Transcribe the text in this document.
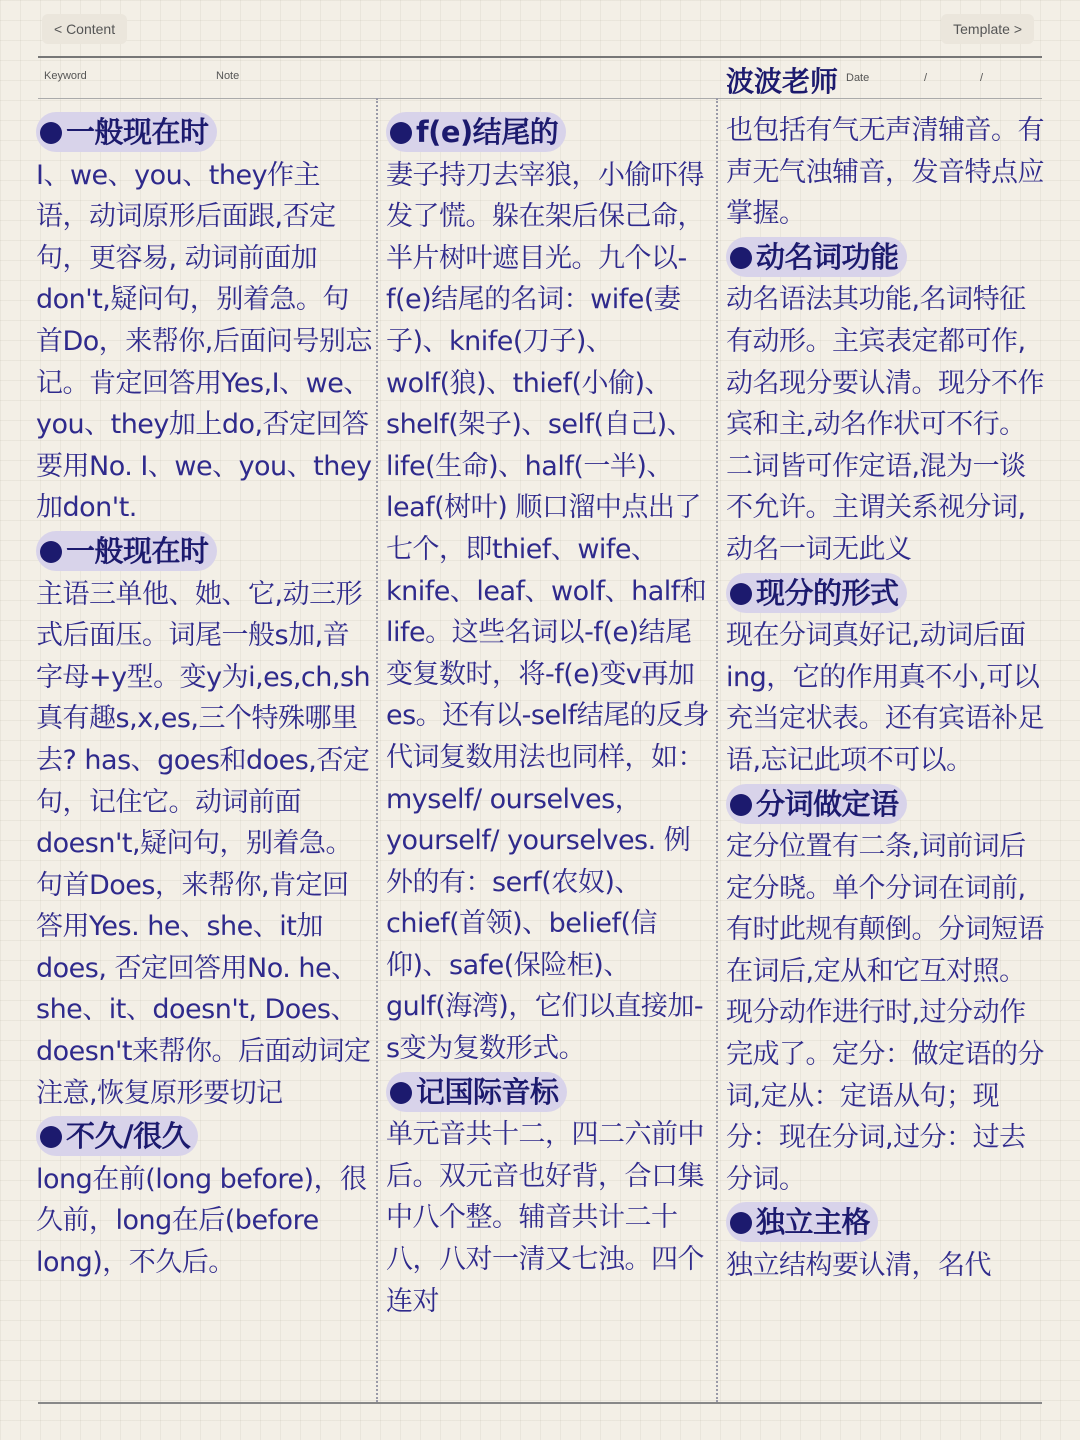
< Content	Template >
Keyword	Note	波波老师 Date	/	/
一般现在时

I、we、you、they作主语，动词原形后面跟,否定句，更容易, 动词前面加don't,疑问句，别着急。句首Do，来帮你,后面问号别忘记。肯定回答用Yes,I、we、you、they加上do,否定回答要用No. I、we、you、they加don't.

一般现在时

主语三单他、她、它,动三形式后面压。词尾一般s加,音字母+y型。变y为i,es,ch,sh真有趣s,x,es,三个特殊哪里去? has、goes和does,否定句，记住它。动词前面doesn't,疑问句，别着急。句首Does，来帮你,肯定回答用Yes. he、she、it加does, 否定回答用No. he、she、it、doesn't, Does、doesn't来帮你。后面动词定注意,恢复原形要切记

不久/很久

long在前(long before)，很久前，long在后(before long)，不久后。

f(e)结尾的

妻子持刀去宰狼，小偷吓得发了慌。躲在架后保己命，半片树叶遮目光。九个以-f(e)结尾的名词：wife(妻子)、knife(刀子)、wolf(狼)、thief(小偷)、shelf(架子)、self(自己)、life(生命)、half(一半)、leaf(树叶) 顺口溜中点出了七个，即thief、wife、knife、leaf、wolf、half和life。这些名词以-f(e)结尾变复数时，将-f(e)变v再加es。还有以-self结尾的反身代词复数用法也同样，如：myself/ ourselves，yourself/ yourselves. 例外的有：serf(农奴)、chief(首领)、belief(信仰)、safe(保险柜)、gulf(海湾)，它们以直接加-s变为复数形式。

记国际音标

单元音共十二，四二六前中后。双元音也好背，合口集中八个整。辅音共计二十八，八对一清又七浊。四个连对

也包括有气无声清辅音。有声无气浊辅音，发音特点应掌握。

动名词功能

动名语法其功能,名词特征有动形。主宾表定都可作,动名现分要认清。现分不作宾和主,动名作状可不行。二词皆可作定语,混为一谈不允许。主谓关系视分词,动名一词无此义

现分的形式

现在分词真好记,动词后面ing，它的作用真不小,可以充当定状表。还有宾语补足语,忘记此项不可以。

分词做定语

定分位置有二条,词前词后定分晓。单个分词在词前,有时此规有颠倒。分词短语在词后,定从和它互对照。现分动作进行时,过分动作完成了。定分：做定语的分词,定从：定语从句；现分：现在分词,过分：过去分词。

独立主格

独立结构要认清，名代
